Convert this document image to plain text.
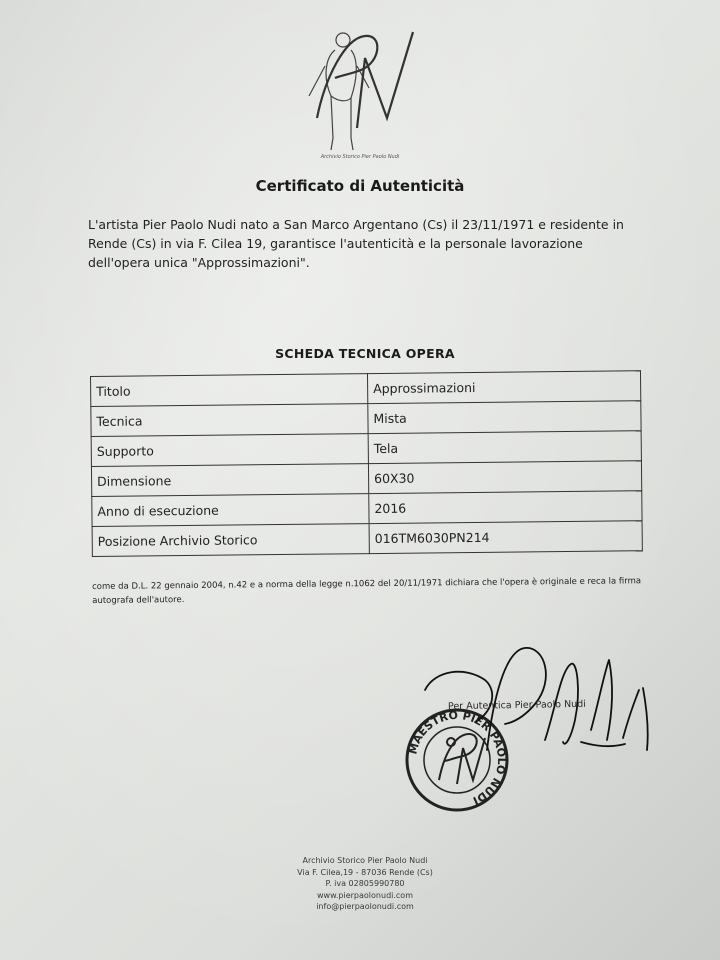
Archivio Storico Pier Paolo Nudi
Certificato di Autenticità
L'artista Pier Paolo Nudi nato a San Marco Argentano (Cs) il 23/11/1971 e residente in Rende (Cs) in via F. Cilea 19, garantisce l'autenticità e la personale lavorazione dell'opera unica "Approssimazioni".
SCHEDA TECNICA OPERA
Titolo	Approssimazioni
Tecnica	Mista
Supporto	Tela
Dimensione	60X30
Anno di esecuzione	2016
Posizione Archivio Storico	016TM6030PN214
come da D.L. 22 gennaio 2004, n.42 e a norma della legge n.1062 del 20/11/1971 dichiara che l'opera è originale e reca la firma autografa dell'autore.
MAESTRO PIER PAOLO NUDI
Per Autentica Pier Paolo Nudi
Archivio Storico Pier Paolo Nudi
Via F. Cilea,19 - 87036 Rende (Cs)
P. iva 02805990780
www.pierpaolonudi.com
info@pierpaolonudi.com
